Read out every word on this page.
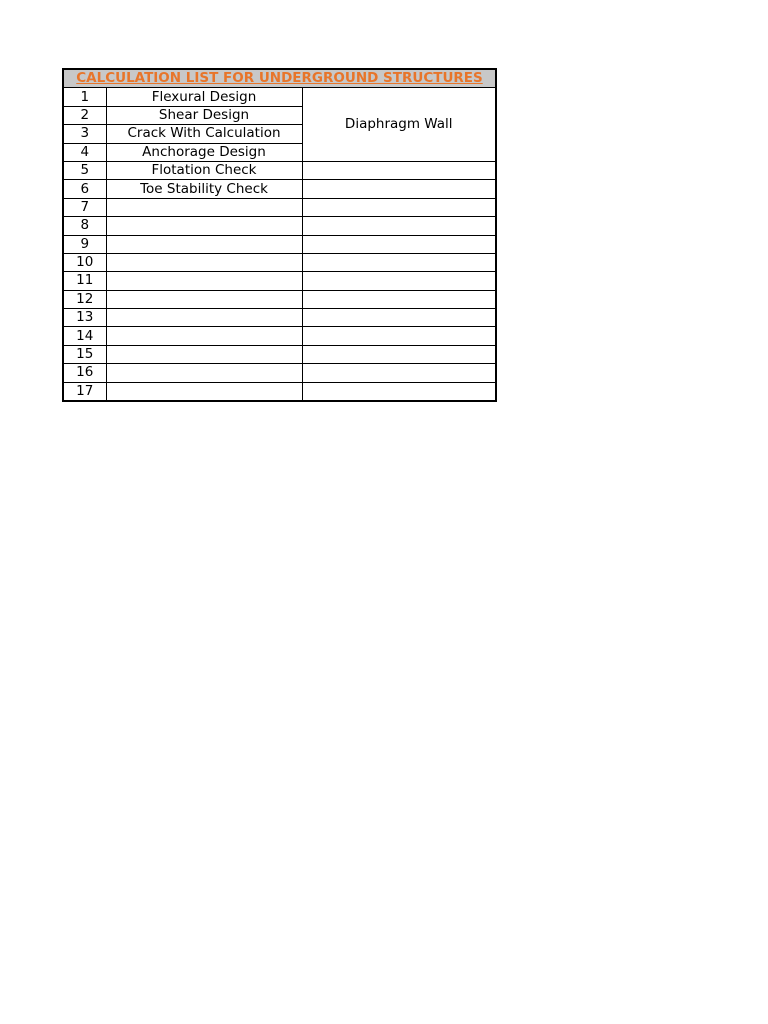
CALCULATION LIST FOR UNDERGROUND STRUCTURES		
1	Flexural Design	Diaphragm Wall
2	Shear Design	
3	Crack With Calculation	
4	Anchorage Design	
5	Flotation Check	
6	Toe Stability Check	
7		
8		
9		
10		
11		
12		
13		
14		
15		
16		
17		
